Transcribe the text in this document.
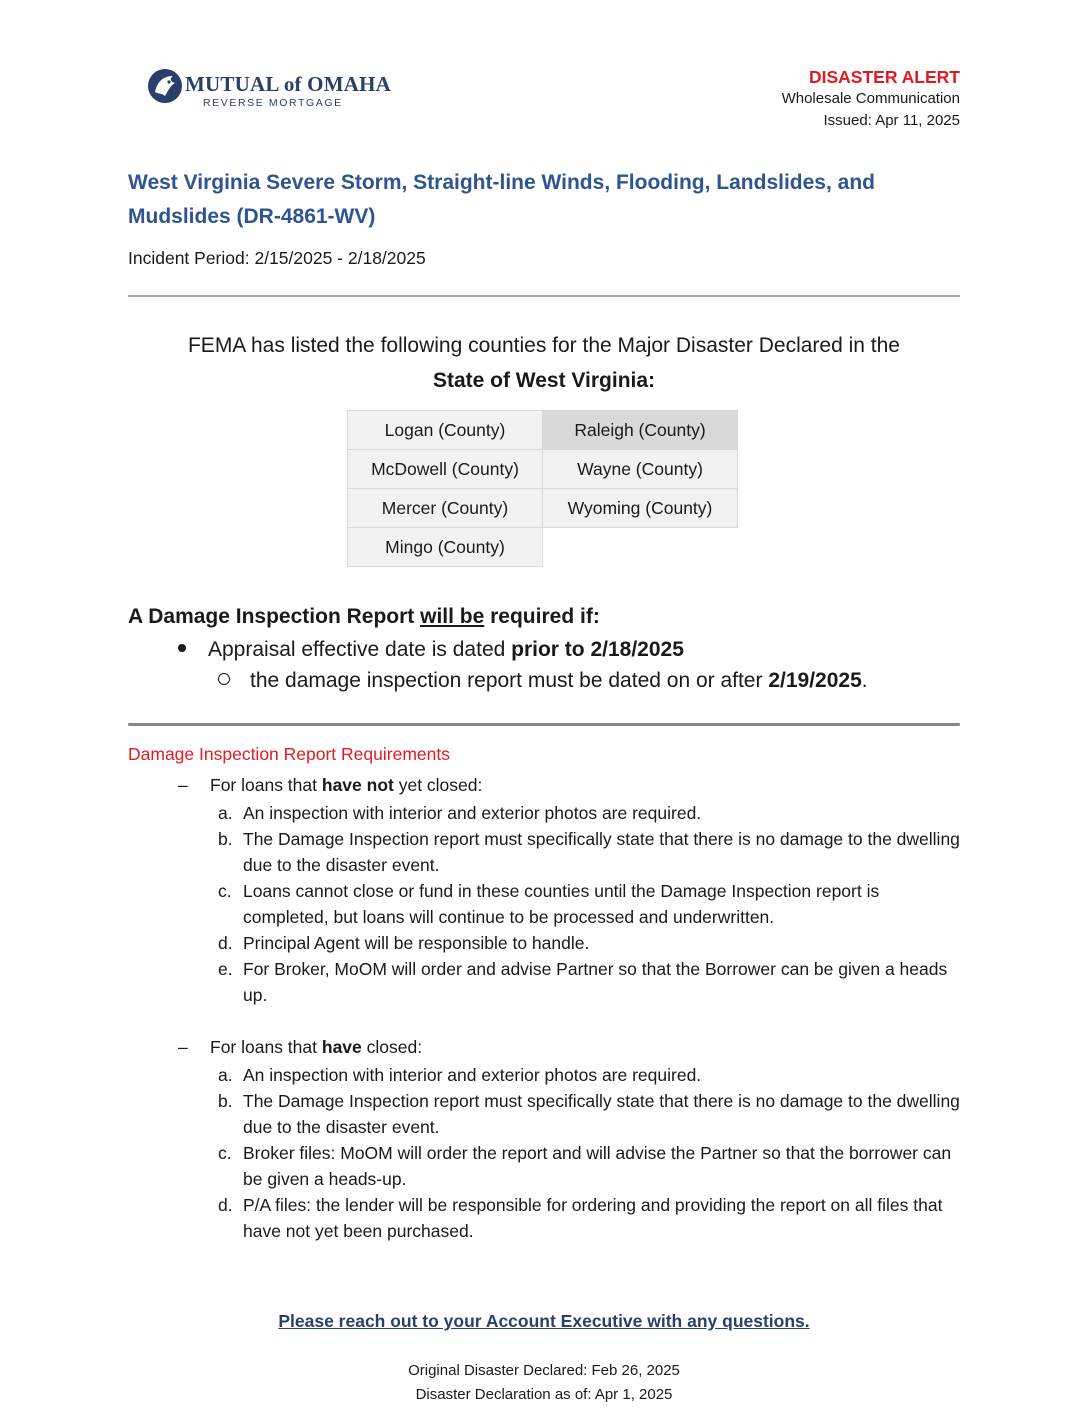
MUTUAL of OMAHA
REVERSE MORTGAGE
DISASTER ALERT
Wholesale Communication
Issued: Apr 11, 2025
West Virginia Severe Storm, Straight-line Winds, Flooding, Landslides, and Mudslides (DR-4861-WV)
Incident Period: 2/15/2025 - 2/18/2025
FEMA has listed the following counties for the Major Disaster Declared in the
State of West Virginia:
Logan (County)	Raleigh (County)
McDowell (County)	Wayne (County)
Mercer (County)	Wyoming (County)
Mingo (County)	
A Damage Inspection Report will be required if:
Appraisal effective date is dated prior to 2/18/2025
the damage inspection report must be dated on or after 2/19/2025.
Damage Inspection Report Requirements
– For loans that have not yet closed:
a. An inspection with interior and exterior photos are required.
b. The Damage Inspection report must specifically state that there is no damage to the dwelling due to the disaster event.
c. Loans cannot close or fund in these counties until the Damage Inspection report is completed, but loans will continue to be processed and underwritten.
d. Principal Agent will be responsible to handle.
e. For Broker, MoOM will order and advise Partner so that the Borrower can be given a heads up.
– For loans that have closed:
a. An inspection with interior and exterior photos are required.
b. The Damage Inspection report must specifically state that there is no damage to the dwelling due to the disaster event.
c. Broker files: MoOM will order the report and will advise the Partner so that the borrower can be given a heads-up.
d. P/A files: the lender will be responsible for ordering and providing the report on all files that have not yet been purchased.
Please reach out to your Account Executive with any questions.
Original Disaster Declared: Feb 26, 2025
Disaster Declaration as of: Apr 1, 2025
